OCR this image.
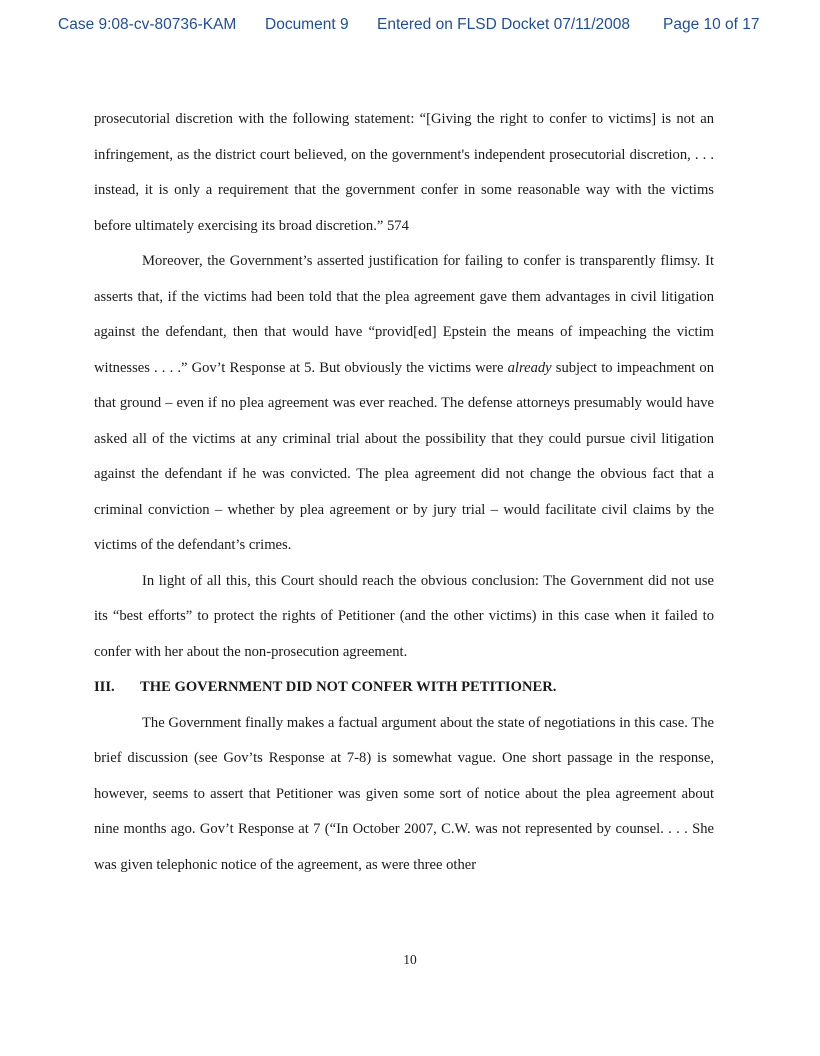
Case 9:08-cv-80736-KAM Document 9 Entered on FLSD Docket 07/11/2008 Page 10 of 17

prosecutorial discretion with the following statement: “[Giving the right to confer to victims] is not an infringement, as the district court believed, on the government's independent prosecutorial discretion, . . . instead, it is only a requirement that the government confer in some reasonable way with the victims before ultimately exercising its broad discretion.” 574

Moreover, the Government’s asserted justification for failing to confer is transparently flimsy. It asserts that, if the victims had been told that the plea agreement gave them advantages in civil litigation against the defendant, then that would have “provid[ed] Epstein the means of impeaching the victim witnesses . . . .” Gov’t Response at 5. But obviously the victims were already subject to impeachment on that ground – even if no plea agreement was ever reached. The defense attorneys presumably would have asked all of the victims at any criminal trial about the possibility that they could pursue civil litigation against the defendant if he was convicted. The plea agreement did not change the obvious fact that a criminal conviction – whether by plea agreement or by jury trial – would facilitate civil claims by the victims of the defendant’s crimes.

In light of all this, this Court should reach the obvious conclusion: The Government did not use its “best efforts” to protect the rights of Petitioner (and the other victims) in this case when it failed to confer with her about the non-prosecution agreement.

III.	THE GOVERNMENT DID NOT CONFER WITH PETITIONER.

The Government finally makes a factual argument about the state of negotiations in this case. The brief discussion (see Gov’ts Response at 7-8) is somewhat vague. One short passage in the response, however, seems to assert that Petitioner was given some sort of notice about the plea agreement about nine months ago. Gov’t Response at 7 (“In October 2007, C.W. was not represented by counsel. . . . She was given telephonic notice of the agreement, as were three other

10
